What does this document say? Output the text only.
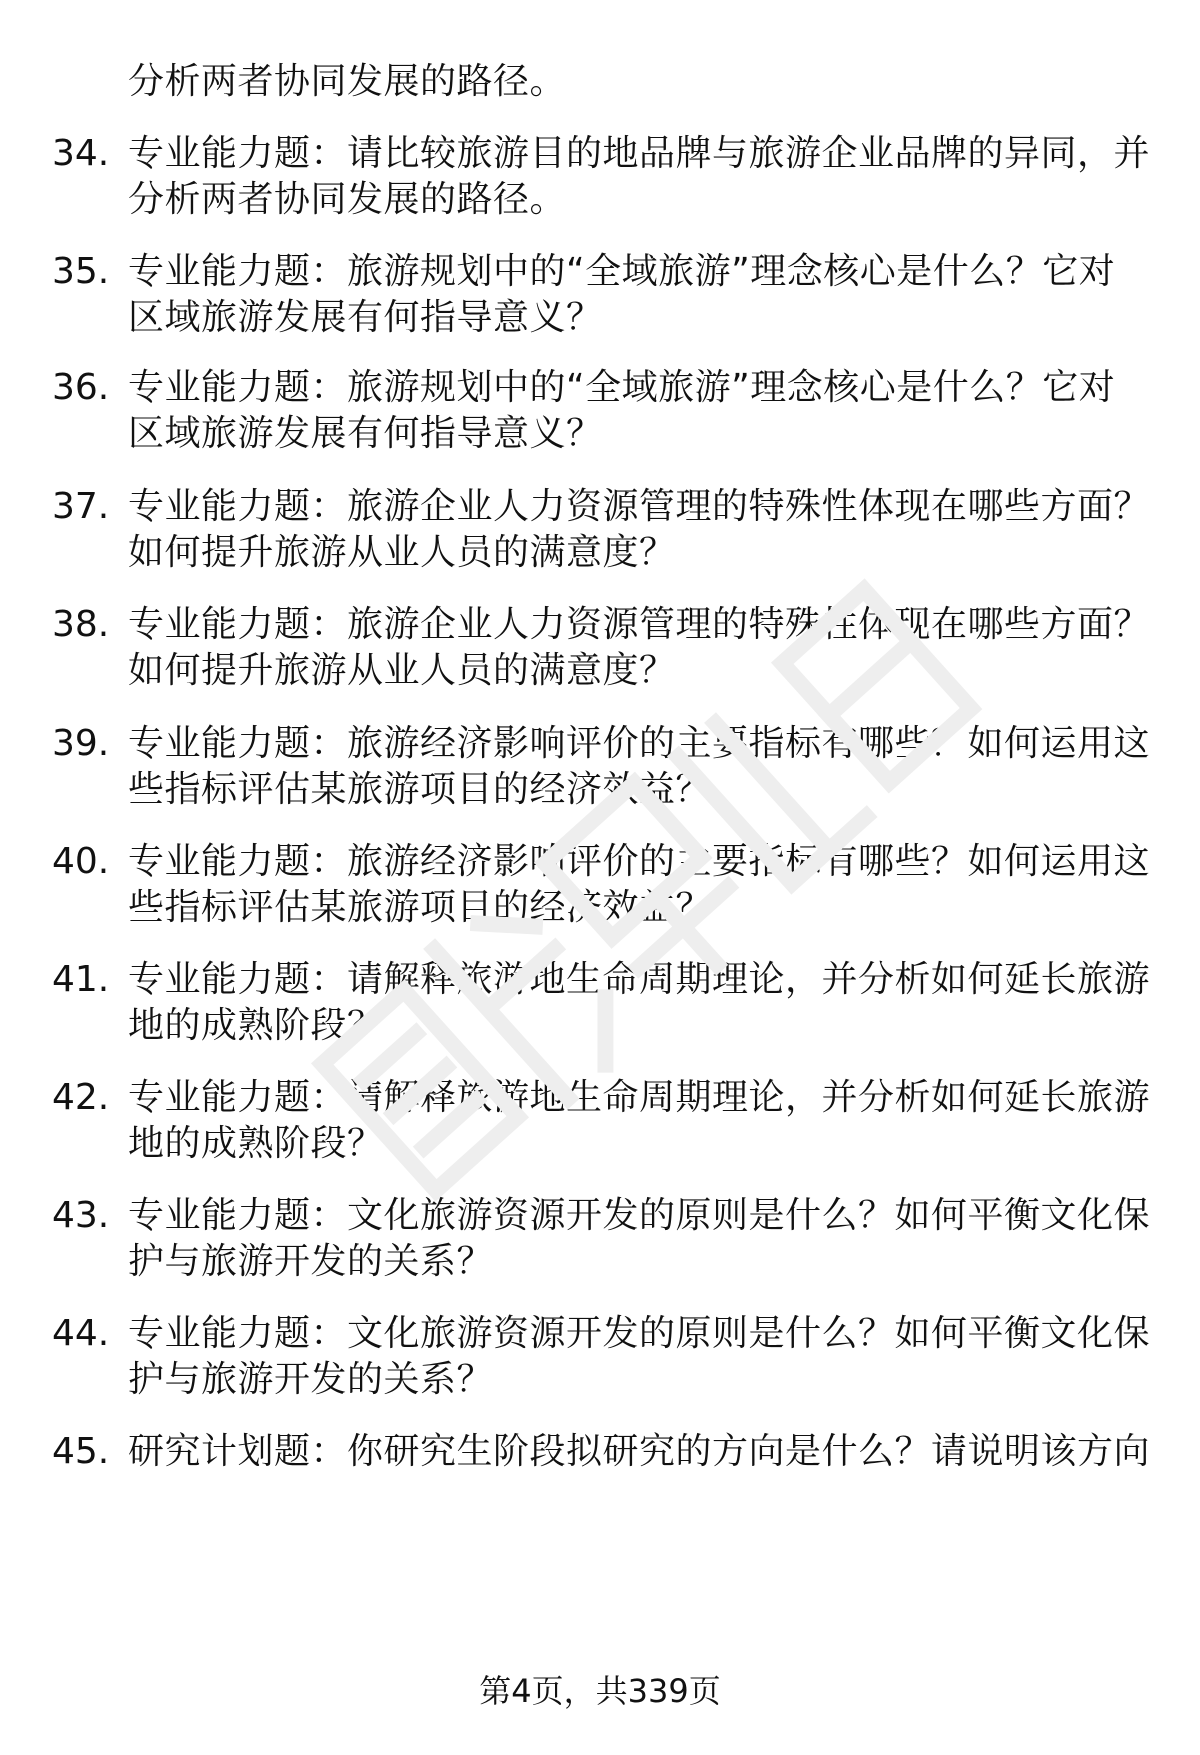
分析两者协同发展的路径。
34. 专业能力题：请比较旅游目的地品牌与旅游企业品牌的异同，并
分析两者协同发展的路径。
35. 专业能力题：旅游规划中的“全域旅游”理念核心是什么？它对
区域旅游发展有何指导意义？
36. 专业能力题：旅游规划中的“全域旅游”理念核心是什么？它对
区域旅游发展有何指导意义？
37. 专业能力题：旅游企业人力资源管理的特殊性体现在哪些方面？
如何提升旅游从业人员的满意度？
38. 专业能力题：旅游企业人力资源管理的特殊性体现在哪些方面？
如何提升旅游从业人员的满意度？
39. 专业能力题：旅游经济影响评价的主要指标有哪些？如何运用这
些指标评估某旅游项目的经济效益？
40. 专业能力题：旅游经济影响评价的主要指标有哪些？如何运用这
些指标评估某旅游项目的经济效益？
41. 专业能力题：请解释旅游地生命周期理论，并分析如何延长旅游
地的成熟阶段？
42. 专业能力题：请解释旅游地生命周期理论，并分析如何延长旅游
地的成熟阶段？
43. 专业能力题：文化旅游资源开发的原则是什么？如何平衡文化保
护与旅游开发的关系？
44. 专业能力题：文化旅游资源开发的原则是什么？如何平衡文化保
护与旅游开发的关系？
45. 研究计划题：你研究生阶段拟研究的方向是什么？请说明该方向
第4页，共339页
